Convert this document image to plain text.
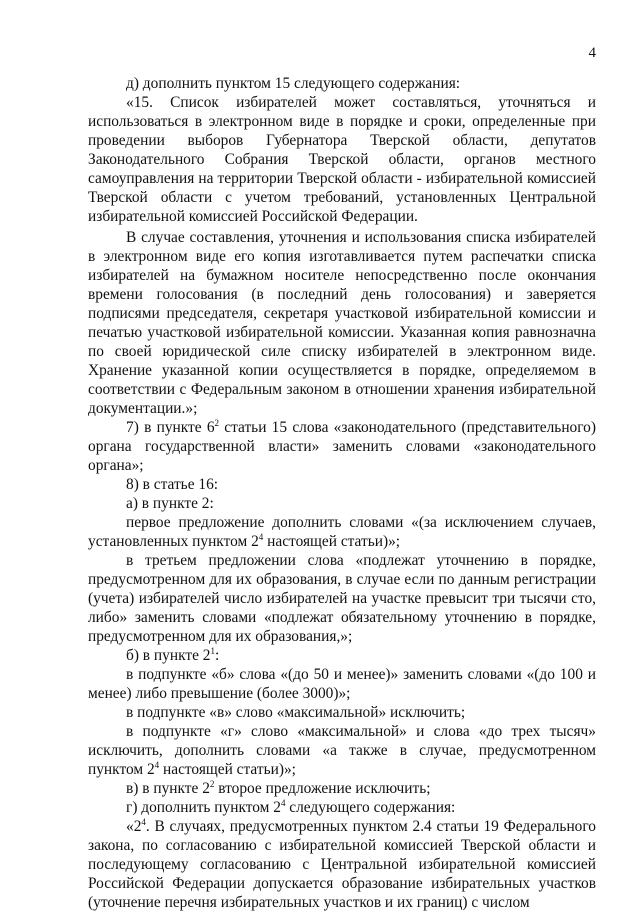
4

д) дополнить пунктом 15 следующего содержания:

«15. Список избирателей может составляться, уточняться и использоваться в электронном виде в порядке и сроки, определенные при проведении выборов Губернатора Тверской области, депутатов Законодательного Собрания Тверской области, органов местного самоуправления на территории Тверской области - избирательной комиссией Тверской области с учетом требований, установленных Центральной избирательной комиссией Российской Федерации.

В случае составления, уточнения и использования списка избирателей в электронном виде его копия изготавливается путем распечатки списка избирателей на бумажном носителе непосредственно после окончания времени голосования (в последний день голосования) и заверяется подписями председателя, секретаря участковой избирательной комиссии и печатью участковой избирательной комиссии. Указанная копия равнозначна по своей юридической силе списку избирателей в электронном виде. Хранение указанной копии осуществляется в порядке, определяемом в соответствии с Федеральным законом в отношении хранения избирательной документации.»;

7) в пункте $6^2$ статьи 15 слова «законодательного (представительного) органа государственной власти» заменить словами «законодательного органа»;

8) в статье 16:

а) в пункте 2:

первое предложение дополнить словами «(за исключением случаев, установленных пунктом $2^4$ настоящей статьи)»;

в третьем предложении слова «подлежат уточнению в порядке, предусмотренном для их образования, в случае если по данным регистрации (учета) избирателей число избирателей на участке превысит три тысячи сто, либо» заменить словами «подлежат обязательному уточнению в порядке, предусмотренном для их образования,»;

б) в пункте $2^1$:

в подпункте «б» слова «(до 50 и менее)» заменить словами «(до 100 и менее) либо превышение (более 3000)»;

в подпункте «в» слово «максимальной» исключить;

в подпункте «г» слово «максимальной» и слова «до трех тысяч» исключить, дополнить словами «а также в случае, предусмотренном пунктом $2^4$ настоящей статьи)»;

в) в пункте $2^2$ второе предложение исключить;

г) дополнить пунктом $2^4$ следующего содержания:

«$2^4$. В случаях, предусмотренных пунктом 2.4 статьи 19 Федерального закона, по согласованию с избирательной комиссией Тверской области и последующему согласованию с Центральной избирательной комиссией Российской Федерации допускается образование избирательных участков (уточнение перечня избирательных участков и их границ) с числом
